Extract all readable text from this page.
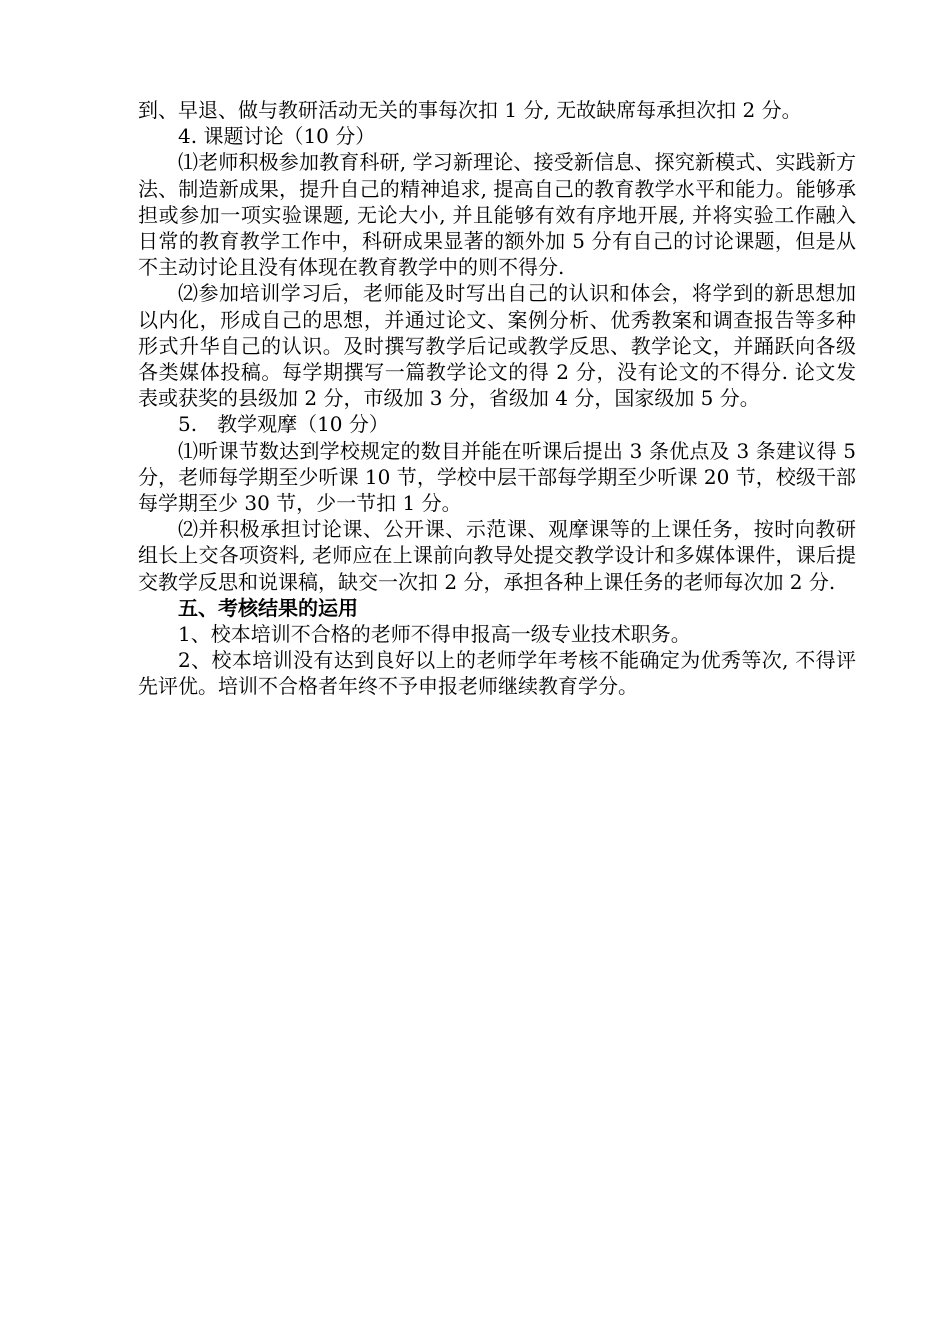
到、早退、做与教研活动无关的事每次扣 1 分, 无故缺席每承担次扣 2 分。

4. 课题讨论（10 分）

⑴老师积极参加教育科研, 学习新理论、接受新信息、探究新模式、实践新方法、制造新成果，提升自己的精神追求, 提高自己的教育教学水平和能力。能够承担或参加一项实验课题, 无论大小, 并且能够有效有序地开展, 并将实验工作融入日常的教育教学工作中，科研成果显著的额外加 5 分有自己的讨论课题，但是从不主动讨论且没有体现在教育教学中的则不得分.

⑵参加培训学习后，老师能及时写出自己的认识和体会，将学到的新思想加以内化，形成自己的思想，并通过论文、案例分析、优秀教案和调查报告等多种形式升华自己的认识。及时撰写教学后记或教学反思、教学论文，并踊跃向各级各类媒体投稿。每学期撰写一篇教学论文的得 2 分，没有论文的不得分. 论文发表或获奖的县级加 2 分，市级加 3 分，省级加 4 分，国家级加 5 分。

5.　教学观摩（10 分）

⑴听课节数达到学校规定的数目并能在听课后提出 3 条优点及 3 条建议得 5 分，老师每学期至少听课 10 节，学校中层干部每学期至少听课 20 节，校级干部每学期至少 30 节，少一节扣 1 分。

⑵并积极承担讨论课、公开课、示范课、观摩课等的上课任务，按时向教研组长上交各项资料, 老师应在上课前向教导处提交教学设计和多媒体课件，课后提交教学反思和说课稿，缺交一次扣 2 分，承担各种上课任务的老师每次加 2 分.

五、考核结果的运用

1、校本培训不合格的老师不得申报高一级专业技术职务。

2、校本培训没有达到良好以上的老师学年考核不能确定为优秀等次, 不得评先评优。培训不合格者年终不予申报老师继续教育学分。
